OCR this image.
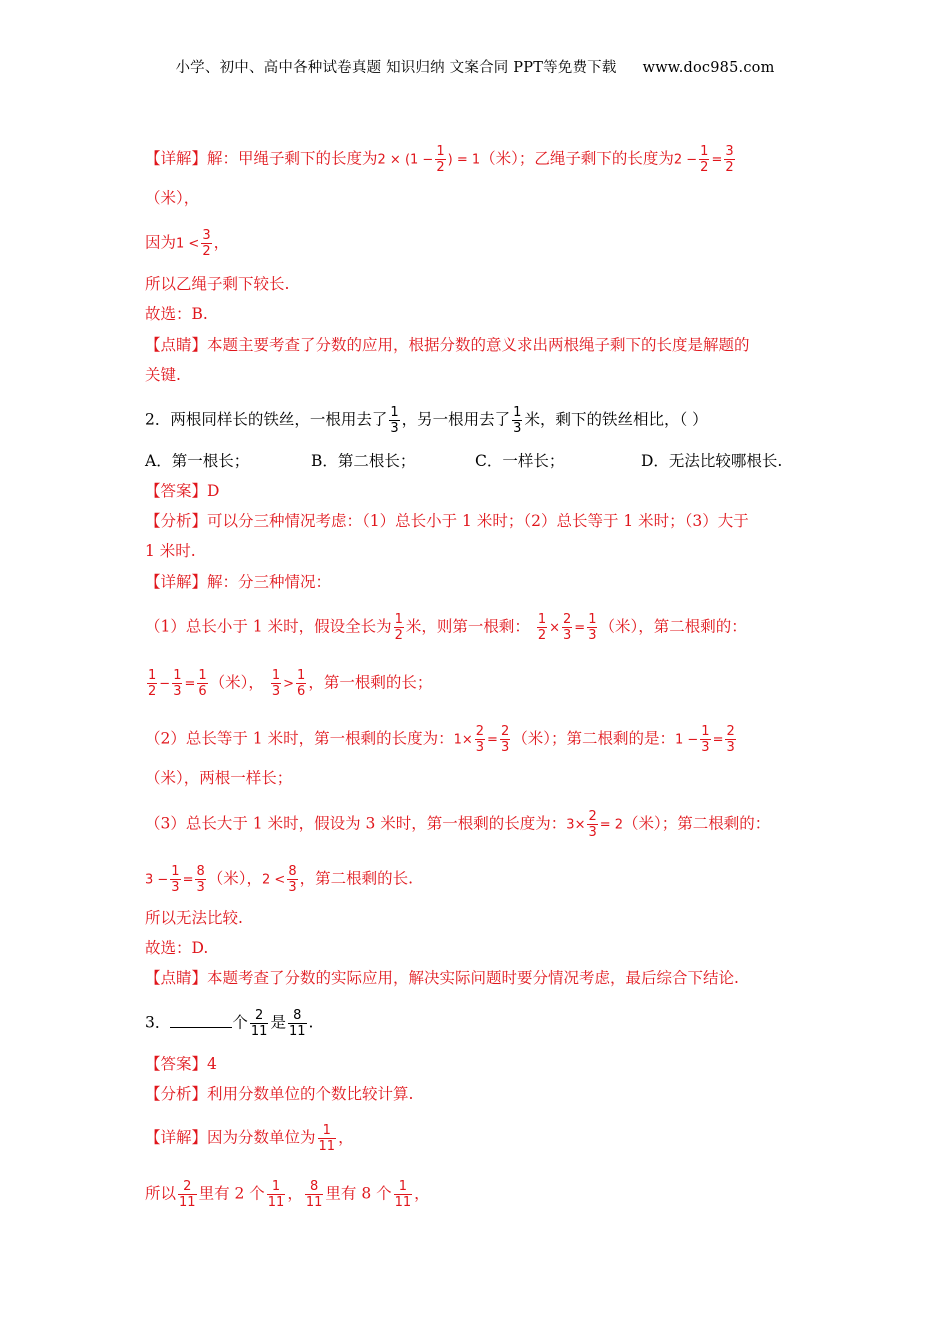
小学、初中、高中各种试卷真题 知识归纳 文案合同 PPT等免费下载 www.doc985.com
【详解】解：甲绳子剩下的长度为$2 \times (1 - \frac{1}{2}$ ) = 1（米）；乙绳子剩下的长度为$2 - \frac{1}{2} = \frac{3}{2}$
（米），
因为$1 < \frac{3}{2}$ ，
所以乙绳子剩下较长.
故选：B.
【点睛】本题主要考查了分数的应用，根据分数的意义求出两根绳子剩下的长度是解题的
关键.
2．两根同样长的铁丝，一根用去了 $\frac{1}{3}$ ，另一根用去了 $\frac{1}{3}$ 米，剩下的铁丝相比，（ ）
A．第一根长；	B．第二根长；	C．一样长；	D．无法比较哪根长.
【答案】D
【分析】可以分三种情况考虑：（1）总长小于 1 米时；（2）总长等于 1 米时；（3）大于
1 米时.
【详解】解：分三种情况：
（1）总长小于 1 米时，假设全长为 $\frac{1}{2}$ 米，则第一根剩： $\frac{1}{2} \times \frac{2}{3} = \frac{1}{3}$ （米），第二根剩的：
$\frac{1}{2} - \frac{1}{3} = \frac{1}{6}$ （米）， $\frac{1}{3} > \frac{1}{6}$ ，第一根剩的长；
（2）总长等于 1 米时，第一根剩的长度为：$1\times \frac{2}{3} = \frac{2}{3}$ （米）；第二根剩的是：$1 - \frac{1}{3} = \frac{2}{3}$
（米），两根一样长；
（3）总长大于 1 米时，假设为 3 米时，第一根剩的长度为：$3\times \frac{2}{3} = 2$（米）；第二根剩的：
$3 - \frac{1}{3} = \frac{8}{3}$ （米），$2 < \frac{8}{3}$ ，第二根剩的长.
所以无法比较.
故选：D.
【点睛】本题考查了分数的实际应用，解决实际问题时要分情况考虑，最后综合下结论.
3．	个 $\frac{2}{11}$ 是 $\frac{8}{11}$ .
【答案】4
【分析】利用分数单位的个数比较计算.
【详解】因为分数单位为 $\frac{1}{11}$ ，
所以 $\frac{2}{11}$ 里有 2 个 $\frac{1}{11}$ ， $\frac{8}{11}$ 里有 8 个 $\frac{1}{11}$ ，
